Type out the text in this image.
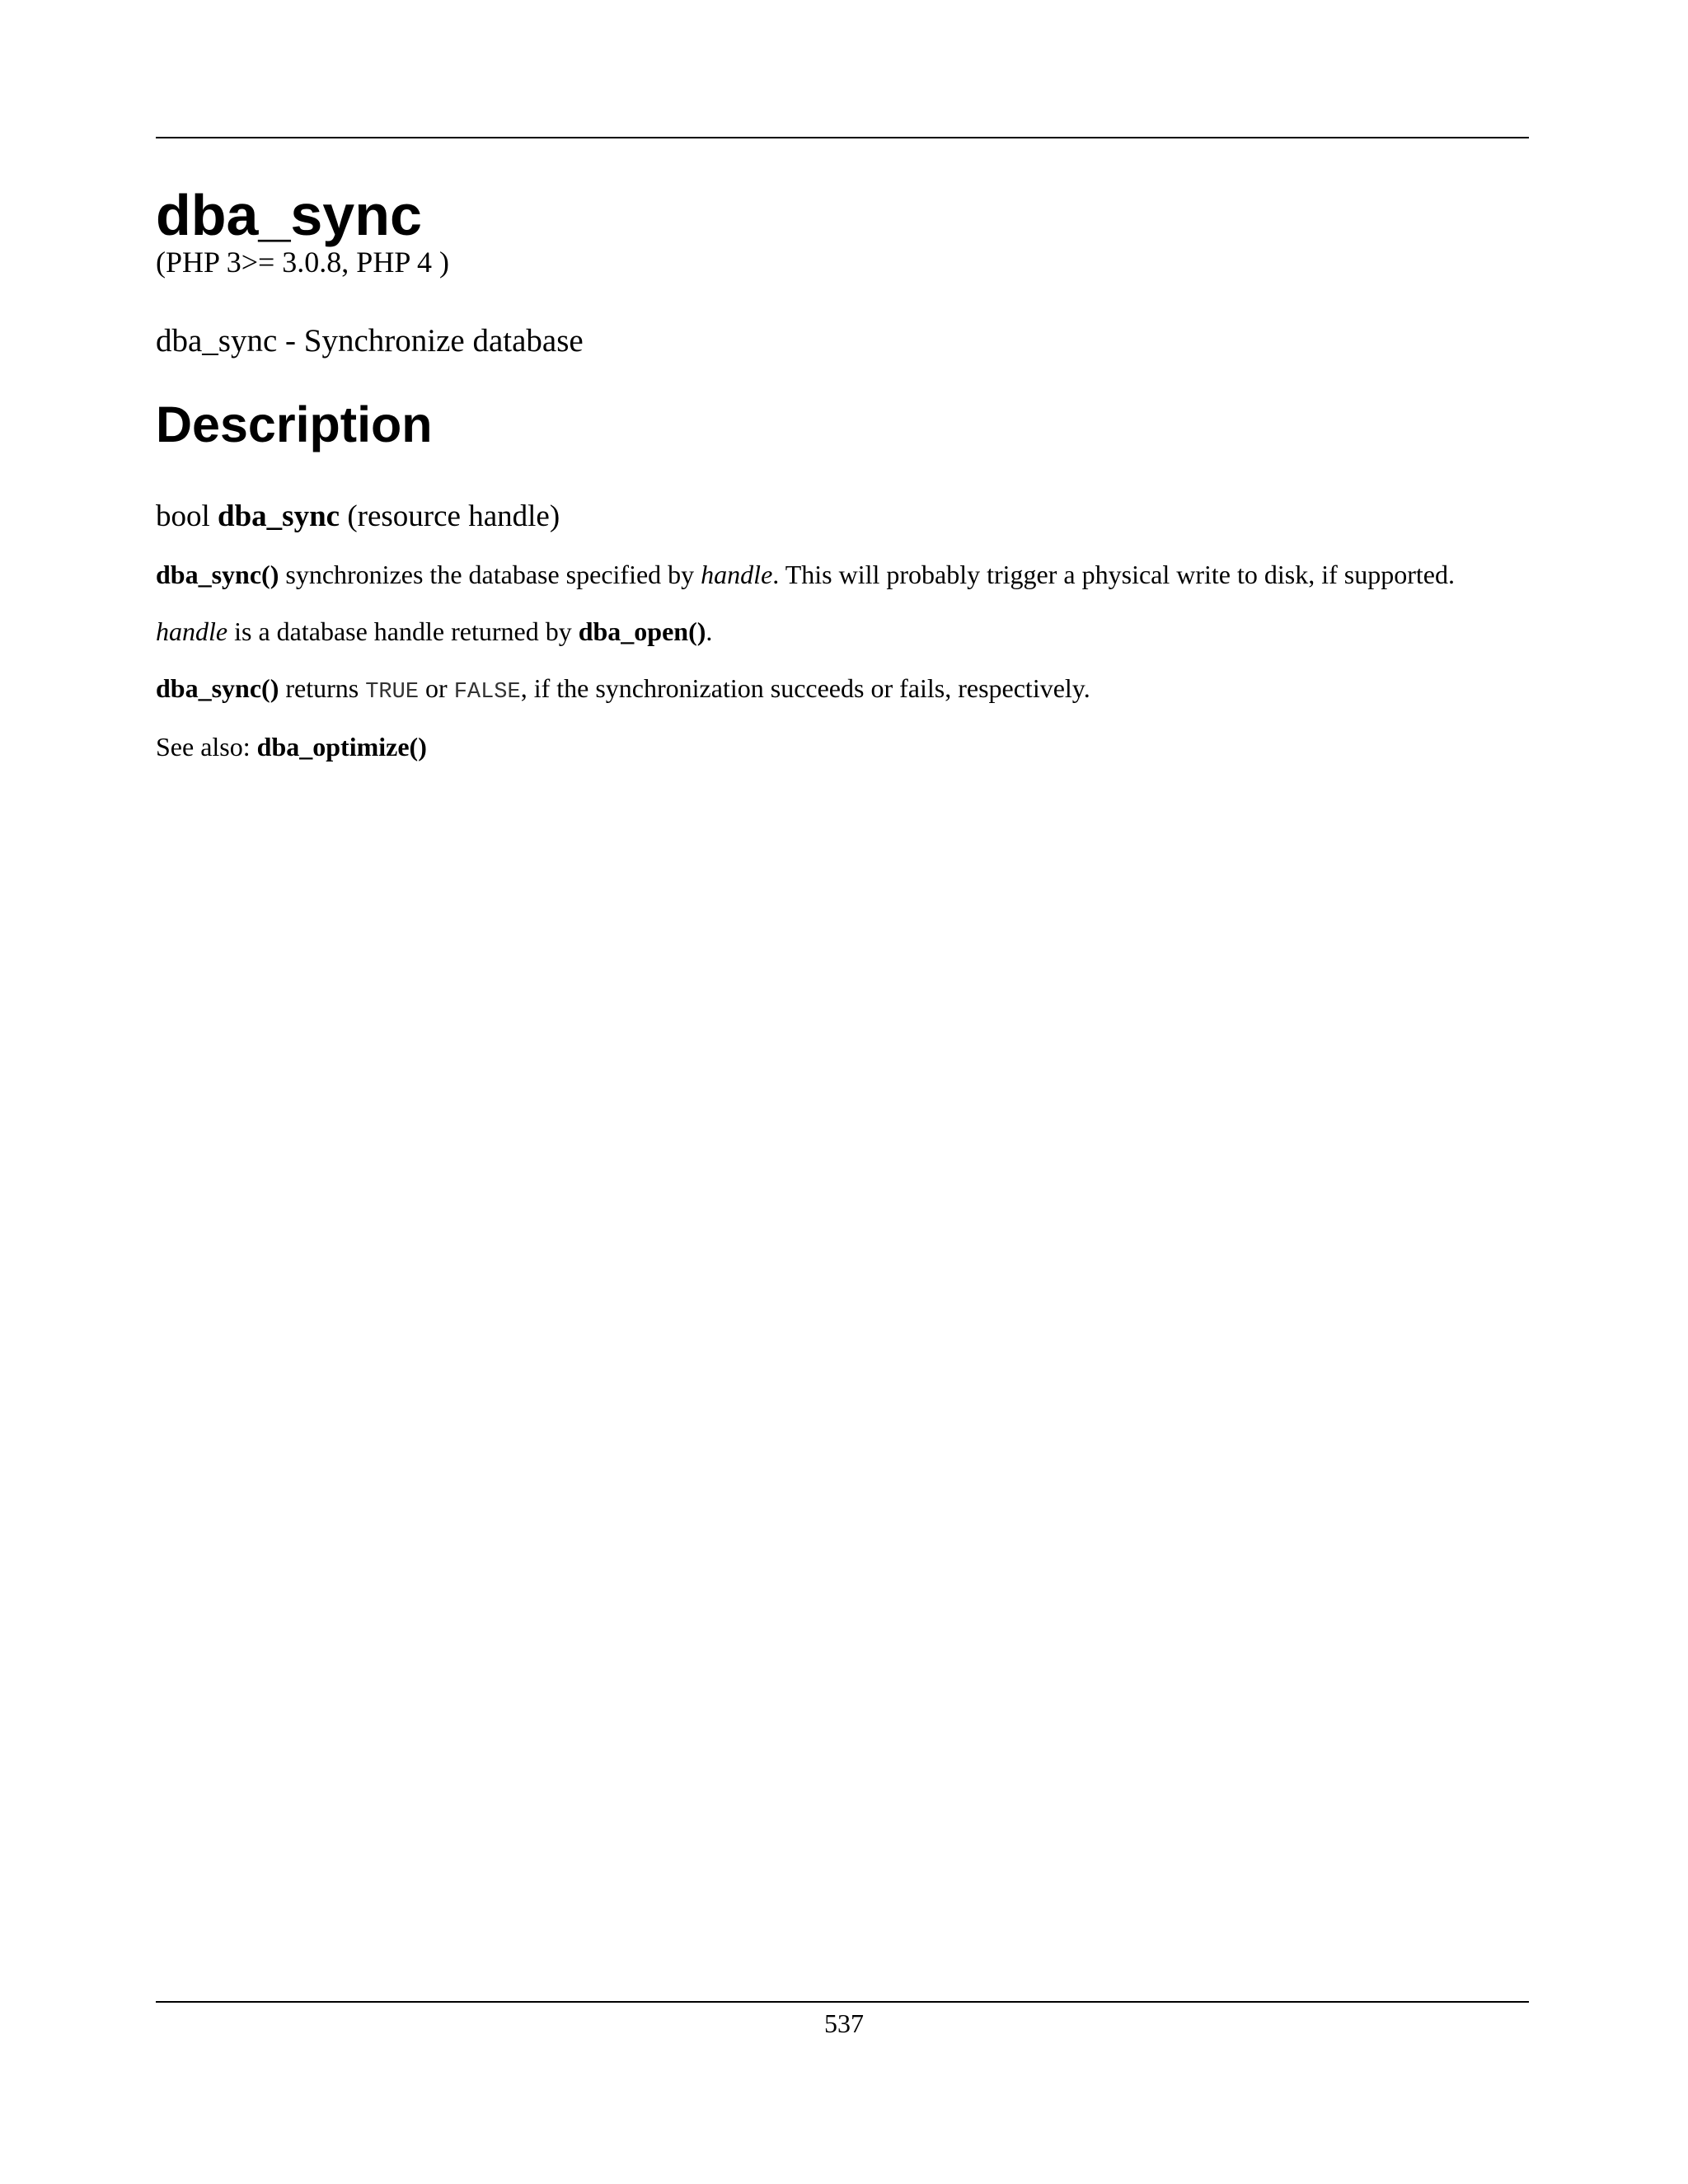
dba_sync
(PHP 3>= 3.0.8, PHP 4 )
dba_sync - Synchronize database
Description
bool dba_sync (resource handle)
dba_sync() synchronizes the database specified by handle. This will probably trigger a physical write to disk, if supported.
handle is a database handle returned by dba_open().
dba_sync() returns TRUE or FALSE, if the synchronization succeeds or fails, respectively.
See also: dba_optimize()
537
